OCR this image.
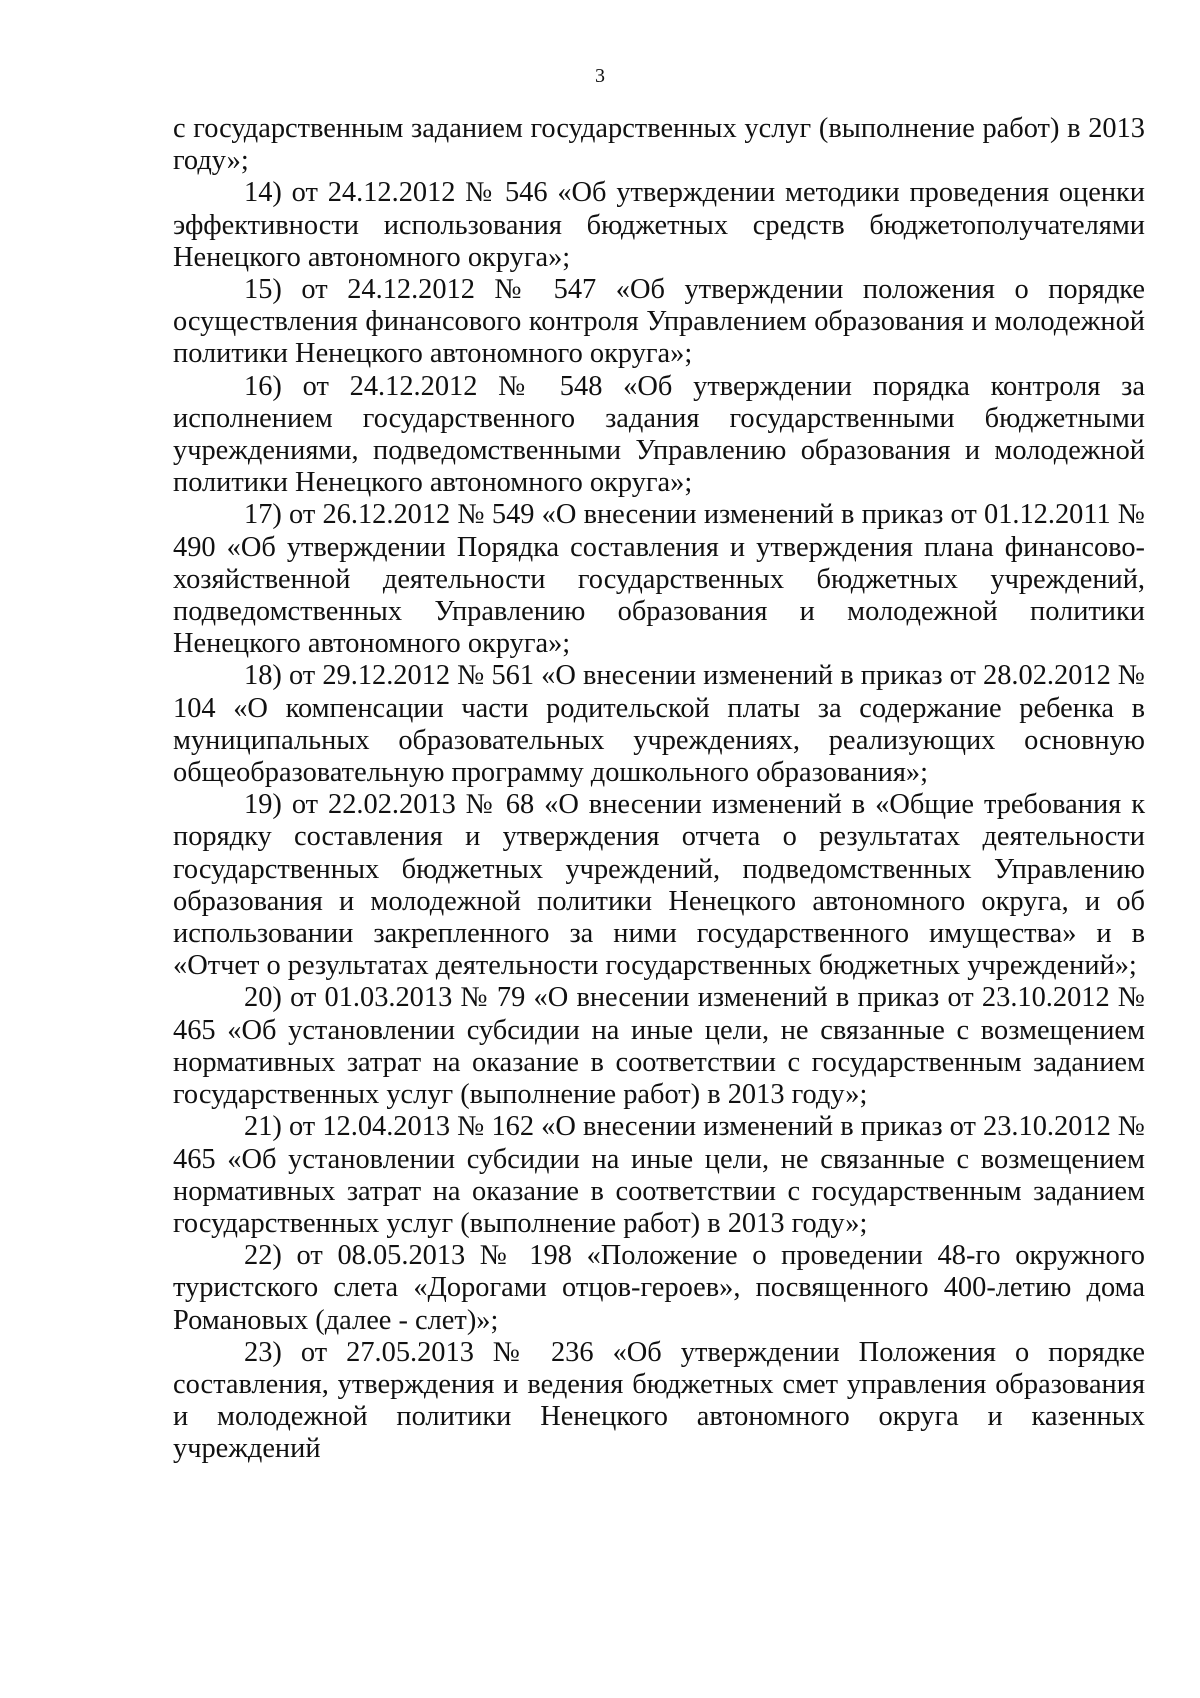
3

с государственным заданием государственных услуг (выполнение работ) в 2013 году»;

14) от 24.12.2012 № 546 «Об утверждении методики проведения оценки эффективности использования бюджетных средств бюджетополучателями Ненецкого автономного округа»;

15) от 24.12.2012 № 547 «Об утверждении положения о порядке осуществления финансового контроля Управлением образования и молодежной политики Ненецкого автономного округа»;

16) от 24.12.2012 № 548 «Об утверждении порядка контроля за исполнением государственного задания государственными бюджетными учреждениями, подведомственными Управлению образования и молодежной политики Ненецкого автономного округа»;

17) от 26.12.2012 № 549 «О внесении изменений в приказ от 01.12.2011 № 490 «Об утверждении Порядка составления и утверждения плана финансово-хозяйственной деятельности государственных бюджетных учреждений, подведомственных Управлению образования и молодежной политики Ненецкого автономного округа»;

18) от 29.12.2012 № 561 «О внесении изменений в приказ от 28.02.2012 № 104 «О компенсации части родительской платы за содержание ребенка в муниципальных образовательных учреждениях, реализующих основную общеобразовательную программу дошкольного образования»;

19) от 22.02.2013 № 68 «О внесении изменений в «Общие требования к порядку составления и утверждения отчета о результатах деятельности государственных бюджетных учреждений, подведомственных Управлению образования и молодежной политики Ненецкого автономного округа, и об использовании закрепленного за ними государственного имущества» и в «Отчет о результатах деятельности государственных бюджетных учреждений»;

20) от 01.03.2013 № 79 «О внесении изменений в приказ от 23.10.2012 № 465 «Об установлении субсидии на иные цели, не связанные с возмещением нормативных затрат на оказание в соответствии с государственным заданием государственных услуг (выполнение работ) в 2013 году»;

21) от 12.04.2013 № 162 «О внесении изменений в приказ от 23.10.2012 № 465 «Об установлении субсидии на иные цели, не связанные с возмещением нормативных затрат на оказание в соответствии с государственным заданием государственных услуг (выполнение работ) в 2013 году»;

22) от 08.05.2013 № 198 «Положение о проведении 48-го окружного туристского слета «Дорогами отцов-героев», посвященного 400-летию дома Романовых (далее - слет)»;

23) от 27.05.2013 № 236 «Об утверждении Положения о порядке составления, утверждения и ведения бюджетных смет управления образования и молодежной политики Ненецкого автономного округа и казенных учреждений
